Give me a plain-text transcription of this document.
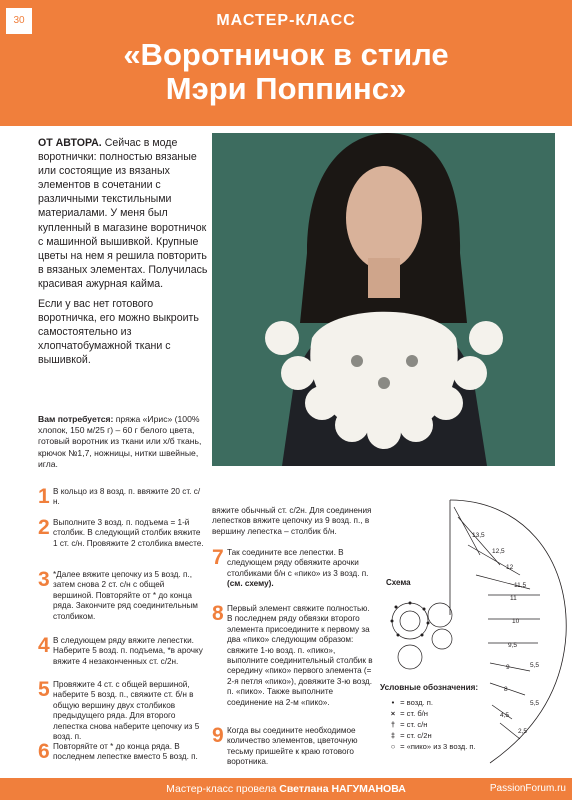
30	МАСТЕР-КЛАСС
«Воротничок в стиле
Мэри Поппинс»

ОТ АВТОРА. Сейчас в моде воротнички: полностью вязаные или состоящие из вязаных элементов в сочетании с различными текстильными материалами. У меня был купленный в магазине воротничок с машинной вышивкой. Крупные цветы на нем я решила повторить в вязаных элементах. Получилась красивая ажурная кайма.

Если у вас нет готового воротничка, его можно выкроить самостоятельно из хлопчатобумажной ткани с вышивкой.

Вам потребуется: пряжа «Ирис» (100% хлопок, 150 м/25 г) – 60 г белого цвета, готовый воротник из ткани или х/б ткань, крючок №1,7, ножницы, нитки швейные, игла.
1 В кольцо из 8 возд. п. ввяжите 20 ст. с/н.
2 Выполните 3 возд. п. подъема = 1-й столбик. В следующий столбик вяжите 1 ст. с/н. Провяжите 2 столбика вместе.
3 *Далее вяжите цепочку из 5 возд. п., затем снова 2 ст. с/н с общей вершиной. Повторяйте от * до конца ряда. Закончите ряд соединительным столбиком.
4 В следующем ряду вяжите лепестки. Наберите 5 возд. п. подъема, *в арочку вяжите 4 незаконченных ст. с/2н.
5 Провяжите 4 ст. с общей вершиной, наберите 5 возд. п., свяжите ст. б/н в общую вершину двух столбиков предыдущего ряда. Для второго лепестка снова наберите цепочку из 5 возд. п.
6 Повторяйте от * до конца ряда. В последнем лепестке вместо 5 возд. п.
вяжите обычный ст. с/2н. Для соединения лепестков вяжите цепочку из 9 возд. п., в вершину лепестка – столбик б/н.
7 Так соедините все лепестки. В следующем ряду обвяжите арочки столбиками б/н с «пико» из 3 возд. п. (см. схему).
8 Первый элемент свяжите полностью. В последнем ряду обвязки второго элемента присоедините к первому за два «пико» следующим образом: свяжите 1-ю возд. п. «пико», выполните соединительный столбик в середину «пико» первого элемента (= 2-я петля «пико»), довяжите 3-ю возд. п. «пико». Также выполните соединение на 2-м «пико».
9 Когда вы соедините необходимое количество элементов, цветочную тесьму пришейте к краю готового воротника.
13,5
12,5
12
11,5
11
10
9,5
9
8
5,5
4,5
5,5
2,5
Схема
Условные обозначения:
• = возд. п.
× = ст. б/н
† = ст. с/н
‡ = ст. с/2н
○ = «пико» из 3 возд. п.
Мастер-класс провела Светлана НАГУМАНОВА	PassionForum.ru
